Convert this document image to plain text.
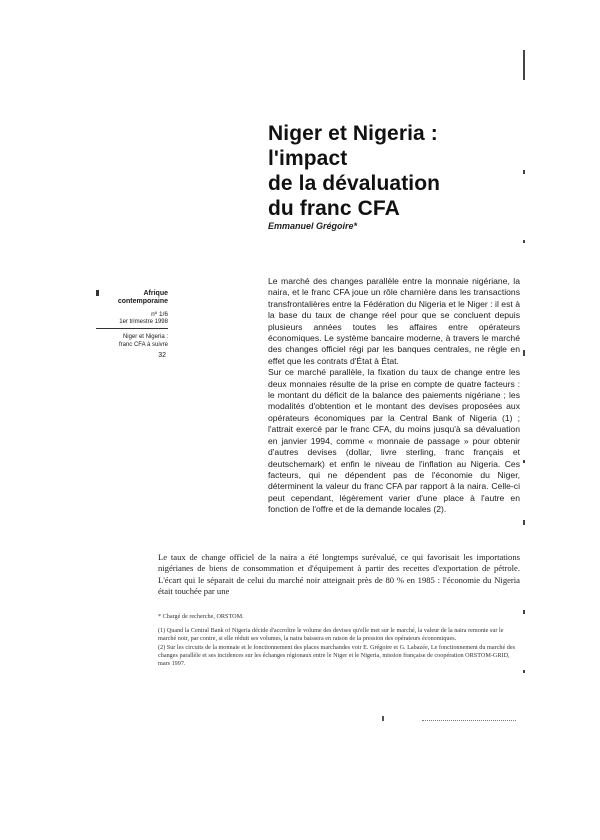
Niger et Nigeria :
l'impact
de la dévaluation
du franc CFA
Emmanuel Grégoire*
Afrique
contemporaine
nº 1/6
1er trimestre 1998
Niger et Nigeria :
franc CFA à suivre
32

Le marché des changes parallèle entre la monnaie nigériane, la naira, et le franc CFA joue un rôle charnière dans les transactions transfrontalières entre la Fédération du Nigeria et le Niger : il est à la base du taux de change réel pour que se concluent depuis plusieurs années toutes les affaires entre opérateurs économiques. Le système bancaire moderne, à travers le marché des changes officiel régi par les banques centrales, ne règle en effet que les contrats d'État à État.

Sur ce marché parallèle, la fixation du taux de change entre les deux monnaies résulte de la prise en compte de quatre facteurs : le montant du déficit de la balance des paiements nigériane ; les modalités d'obtention et le montant des devises proposées aux opérateurs économiques par la Central Bank of Nigeria (1) ; l'attrait exercé par le franc CFA, du moins jusqu'à sa dévaluation en janvier 1994, comme « monnaie de passage » pour obtenir d'autres devises (dollar, livre sterling, franc français et deutschemark) et enfin le niveau de l'inflation au Nigeria. Ces facteurs, qui ne dépendent pas de l'économie du Niger, déterminent la valeur du franc CFA par rapport à la naira. Celle-ci peut cependant, légèrement varier d'une place à l'autre en fonction de l'offre et de la demande locales (2).

Le taux de change officiel de la naira a été longtemps surévalué, ce qui favorisait les importations nigérianes de biens de consommation et d'équipement à partir des recettes d'exportation de pétrole. L'écart qui le séparait de celui du marché noir atteignait près de 80 % en 1985 : l'économie du Nigeria était touchée par une

* Chargé de recherche, ORSTOM.

(1) Quand la Central Bank of Nigeria décide d'accroître le volume des devises qu'elle met sur le marché, la valeur de la naira remonte sur le marché noir, par contre, si elle réduit ses volumes, la naira baissera en raison de la pression des opérateurs économiques.

(2) Sur les circuits de la monnaie et le fonctionnement des places marchandes voir E. Grégoire et G. Labazée, Le fonctionnement du marché des changes parallèle et ses incidences sur les échanges régionaux entre le Niger et le Nigeria, mission française de coopération ORSTOM-GRID, mars 1997.
